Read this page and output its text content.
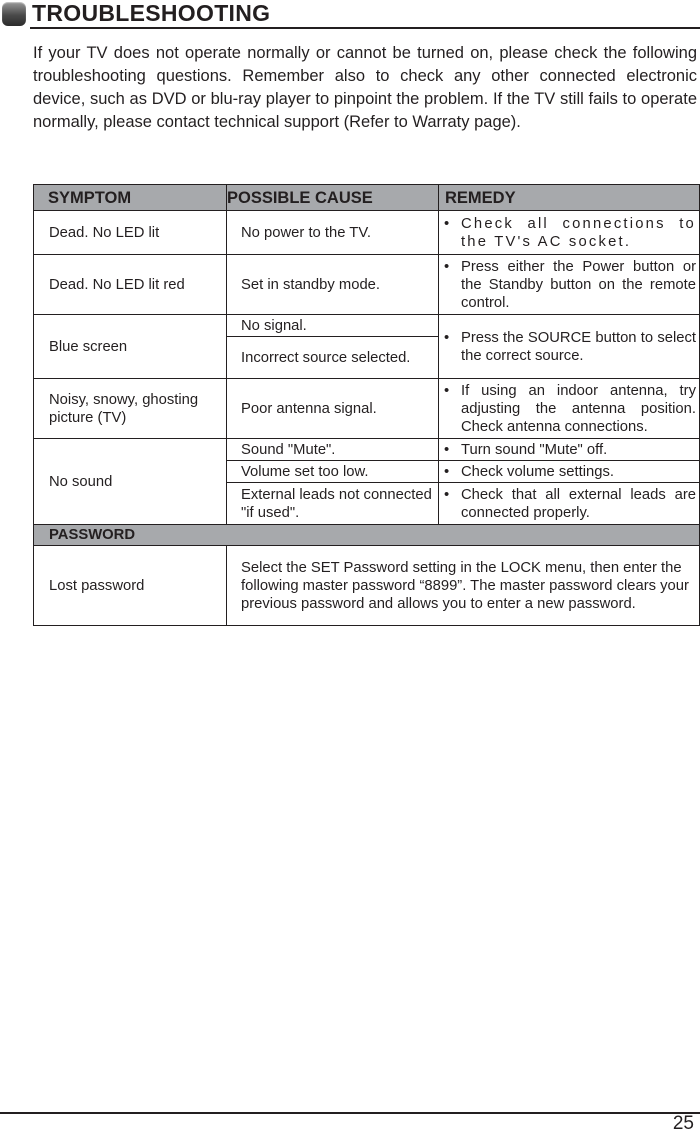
TROUBLESHOOTING

If your TV does not operate normally or cannot be turned on, please check the following troubleshooting questions. Remember also to check any other connected electronic device, such as DVD or blu-ray player to pinpoint the problem. If the TV still fails to operate normally, please contact technical support (Refer to Warraty page).

SYMPTOM	POSSIBLE CAUSE	REMEDY
Dead. No LED lit	No power to the TV.	• Check all connections to the TV's AC socket.

Dead. No LED lit red	Set in standby mode.	• Press either the Power button or the Standby button on the remote control.

Blue screen	No signal.	• Press the SOURCE button to select the correct source.

	Incorrect source selected.	
Noisy, snowy, ghosting picture (TV)	Poor antenna signal.	• If using an indoor antenna, try adjusting the antenna position. Check antenna connections.

No sound	Sound "Mute".	• Turn sound "Mute" off.

	Volume set too low.	• Check volume settings.

	External leads not connected "if used".	• Check that all external leads are connected properly.

PASSWORD		
Lost password	Select the SET Password setting in the LOCK menu, then enter the following master password “8899”. The master password clears your previous password and allows you to enter a new password.	
25
